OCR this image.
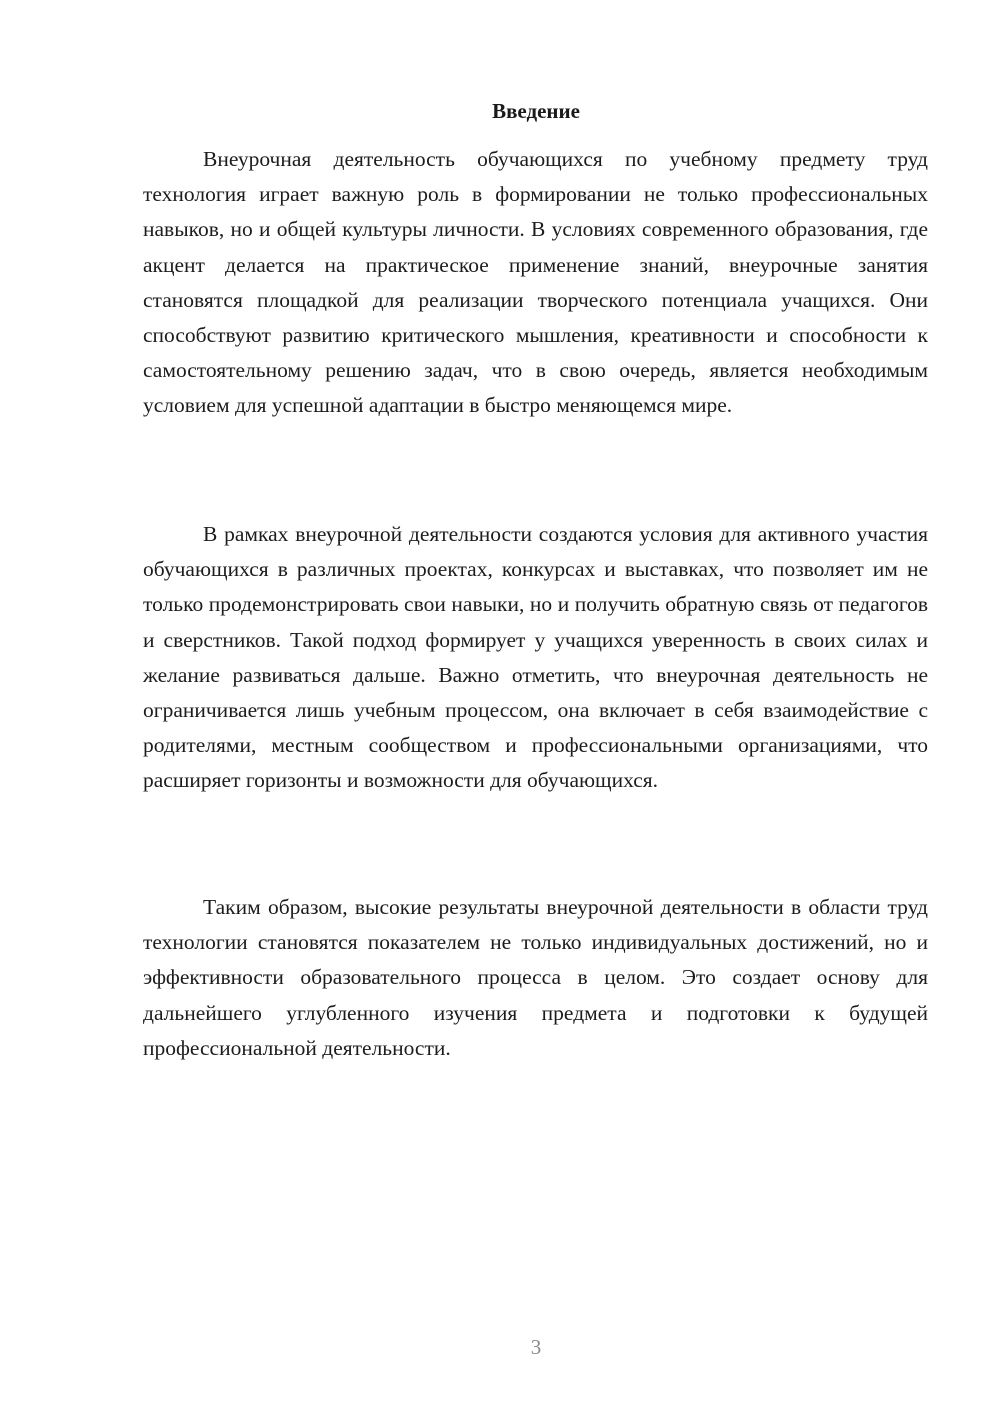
Введение

Внеурочная деятельность обучающихся по учебному предмету труд технология играет важную роль в формировании не только профессиональных навыков, но и общей культуры личности. В условиях современного образования, где акцент делается на практическое применение знаний, внеурочные занятия становятся площадкой для реализации творческого потенциала учащихся. Они способствуют развитию критического мышления, креативности и способности к самостоятельному решению задач, что в свою очередь, является необходимым условием для успешной адаптации в быстро меняющемся мире.

В рамках внеурочной деятельности создаются условия для активного участия обучающихся в различных проектах, конкурсах и выставках, что позволяет им не только продемонстрировать свои навыки, но и получить обратную связь от педагогов и сверстников. Такой подход формирует у учащихся уверенность в своих силах и желание развиваться дальше. Важно отметить, что внеурочная деятельность не ограничивается лишь учебным процессом, она включает в себя взаимодействие с родителями, местным сообществом и профессиональными организациями, что расширяет горизонты и возможности для обучающихся.

Таким образом, высокие результаты внеурочной деятельности в области труд технологии становятся показателем не только индивидуальных достижений, но и эффективности образовательного процесса в целом. Это создает основу для дальнейшего углубленного изучения предмета и подготовки к будущей профессиональной деятельности.

3
